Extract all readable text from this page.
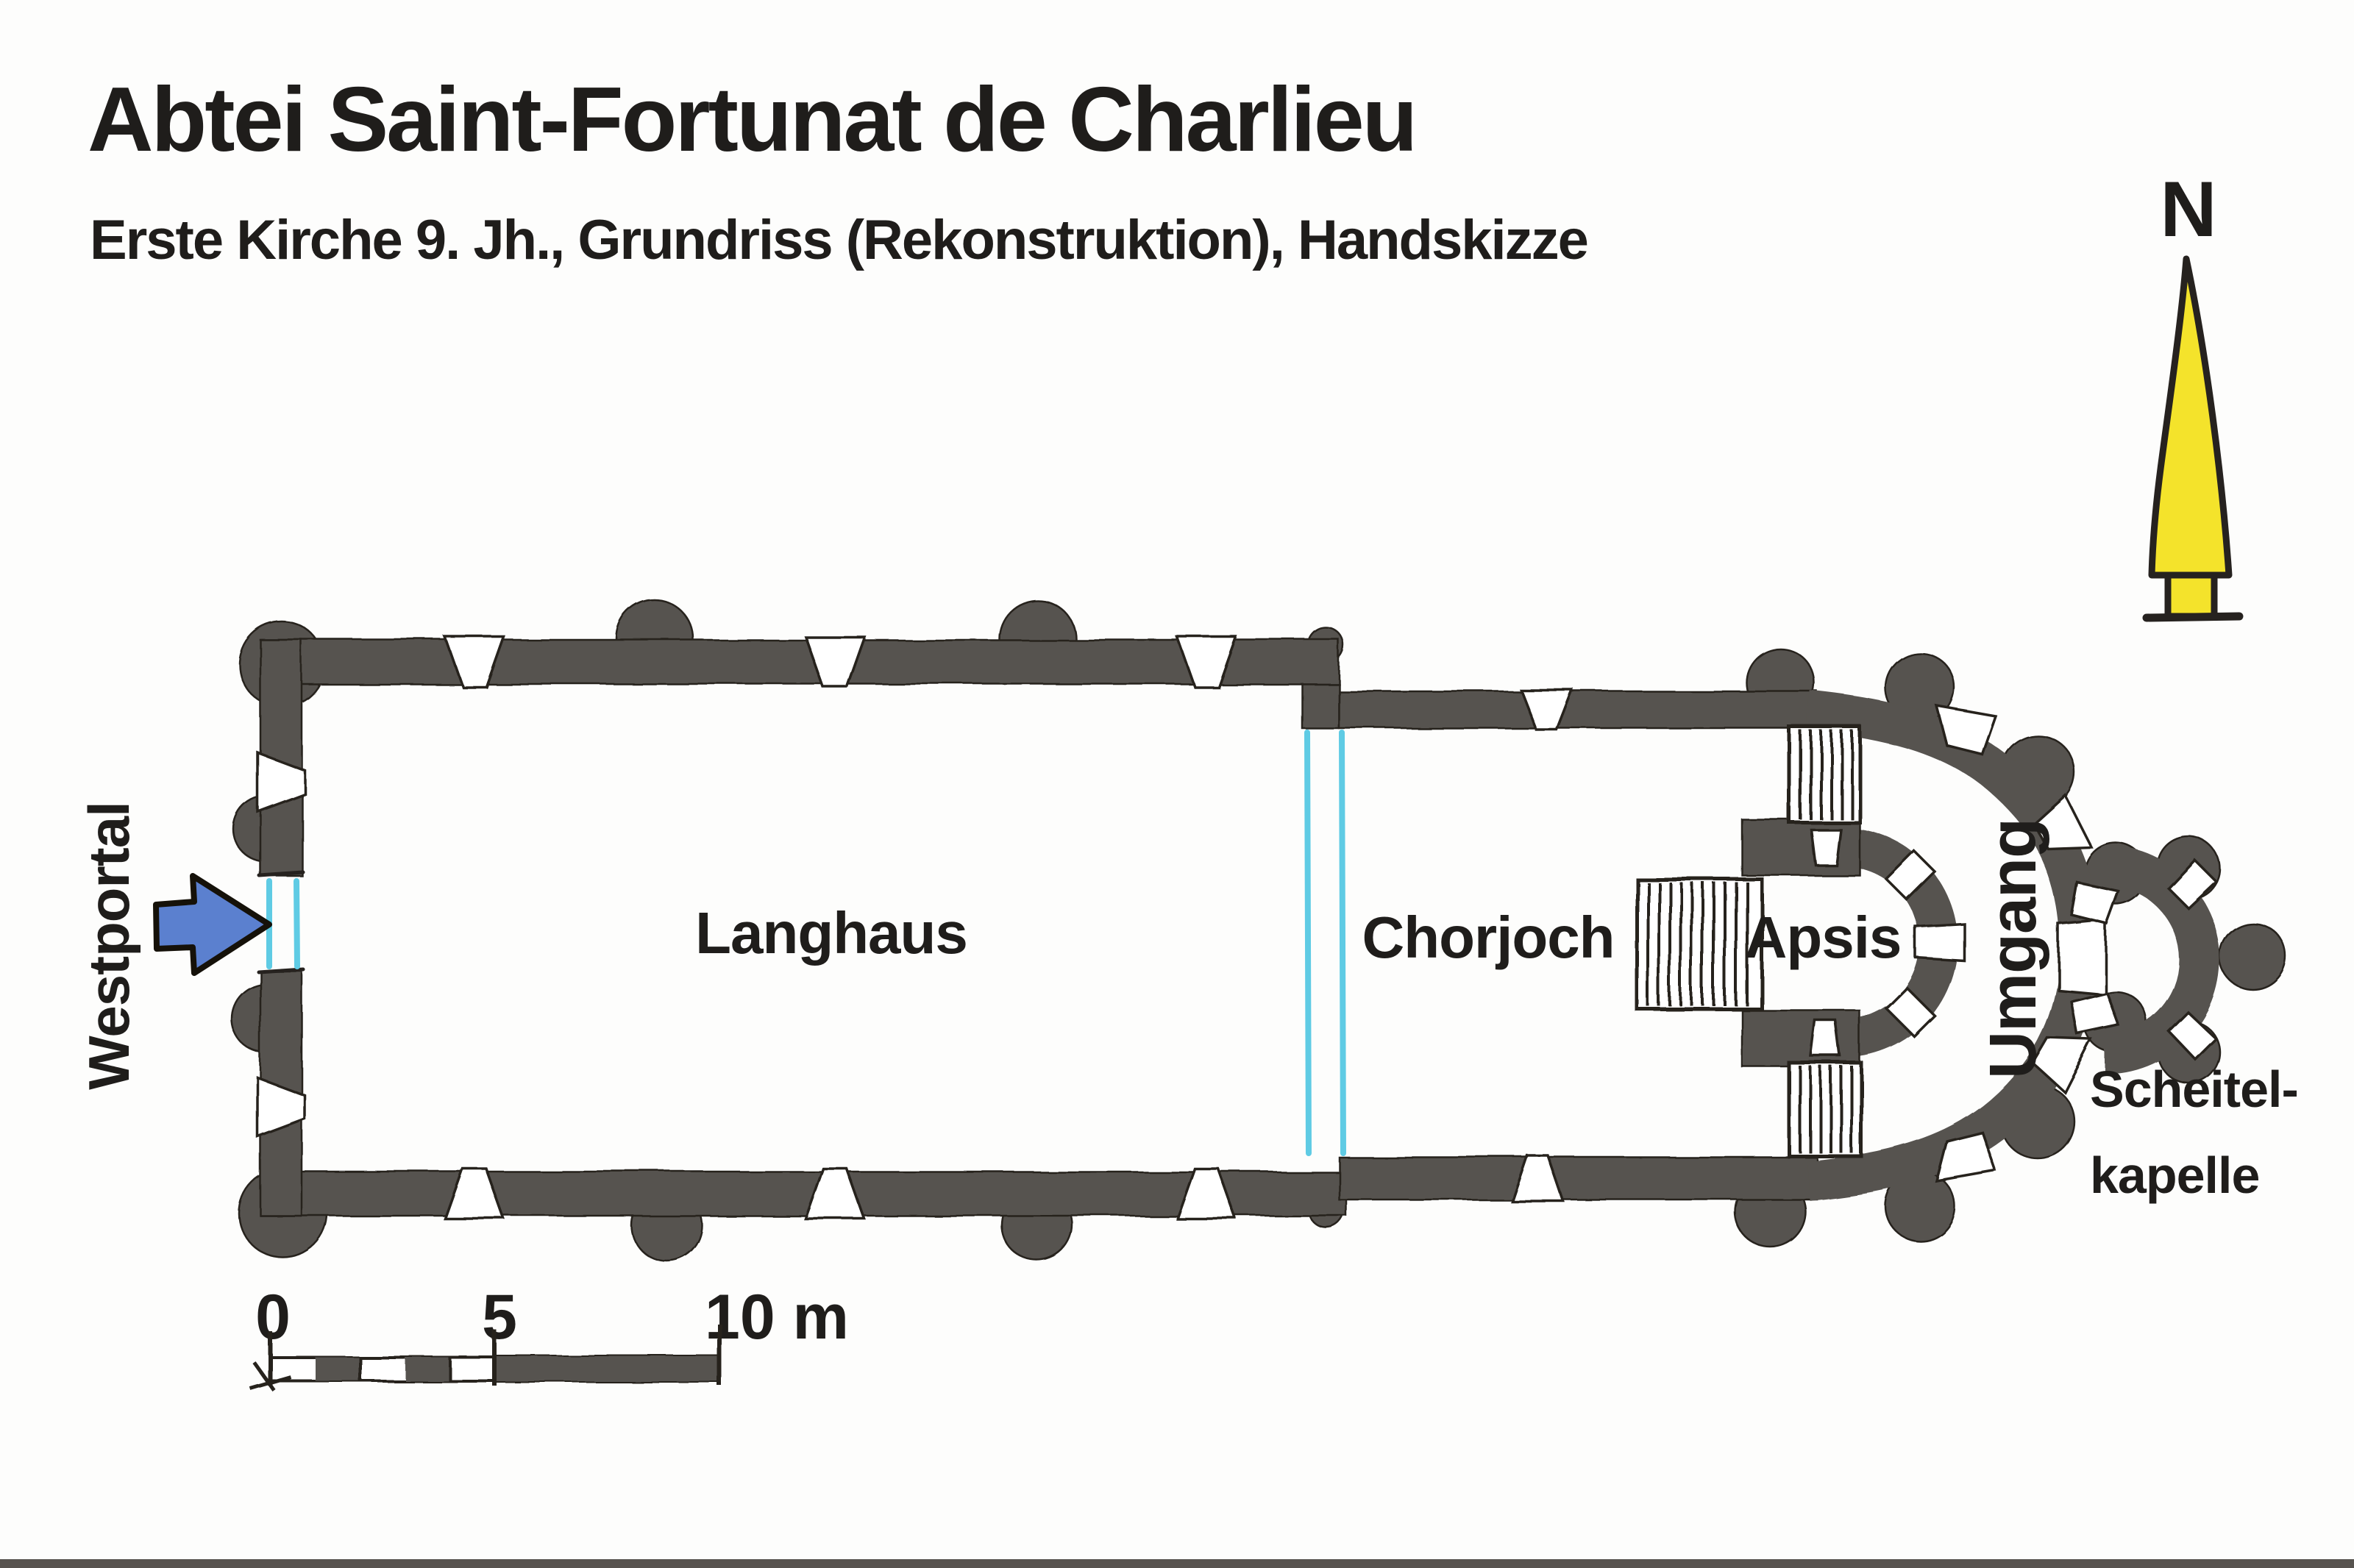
Abtei Saint-Fortunat de Charlieu
Erste Kirche 9. Jh., Grundriss (Rekonstruktion), Handskizze	N
Langhaus	Chorjoch Apsis Umgang
Westportal	Scheitel-
kapelle
0	5	10 m
